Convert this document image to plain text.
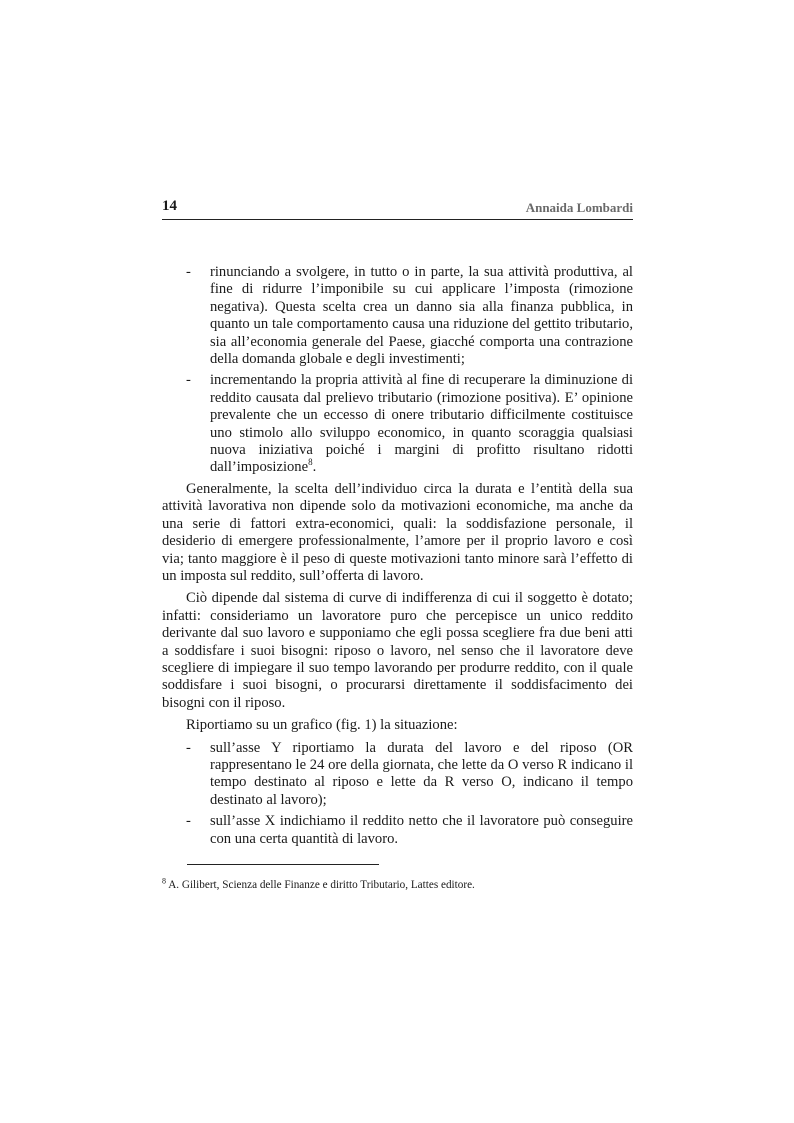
14	Annaida Lombardi
- rinunciando a svolgere, in tutto o in parte, la sua attività produttiva, al fine di ridurre l’imponibile su cui applicare l’imposta (rimozione negativa). Questa scelta crea un danno sia alla finanza pubblica, in quanto un tale comportamento causa una riduzione del gettito tributario, sia all’economia generale del Paese, giacché comporta una contrazione della domanda globale e degli investimenti;
- incrementando la propria attività al fine di recuperare la diminuzione di reddito causata dal prelievo tributario (rimozione positiva). E’ opinione prevalente che un eccesso di onere tributario difficilmente costituisce uno stimolo allo sviluppo economico, in quanto scoraggia qualsiasi nuova iniziativa poiché i margini di profitto risultano ridotti dall’imposizione$^8$.

Generalmente, la scelta dell’individuo circa la durata e l’entità della sua attività lavorativa non dipende solo da motivazioni economiche, ma anche da una serie di fattori extra-economici, quali: la soddisfazione personale, il desiderio di emergere professionalmente, l’amore per il proprio lavoro e così via; tanto maggiore è il peso di queste motivazioni tanto minore sarà l’effetto di un imposta sul reddito, sull’offerta di lavoro.

Ciò dipende dal sistema di curve di indifferenza di cui il soggetto è dotato; infatti: consideriamo un lavoratore puro che percepisce un unico reddito derivante dal suo lavoro e supponiamo che egli possa scegliere fra due beni atti a soddisfare i suoi bisogni: riposo o lavoro, nel senso che il lavoratore deve scegliere di impiegare il suo tempo lavorando per produrre reddito, con il quale soddisfare i suoi bisogni, o procurarsi direttamente il soddisfacimento dei bisogni con il riposo.

Riportiamo su un grafico (fig. 1) la situazione:

- sull’asse Y riportiamo la durata del lavoro e del riposo (OR rappresentano le 24 ore della giornata, che lette da O verso R indicano il tempo destinato al riposo e lette da R verso O, indicano il tempo destinato al lavoro);
- sull’asse X indichiamo il reddito netto che il lavoratore può conseguire con una certa quantità di lavoro.
$^8$ A. Gilibert, Scienza delle Finanze e diritto Tributario, Lattes editore.
